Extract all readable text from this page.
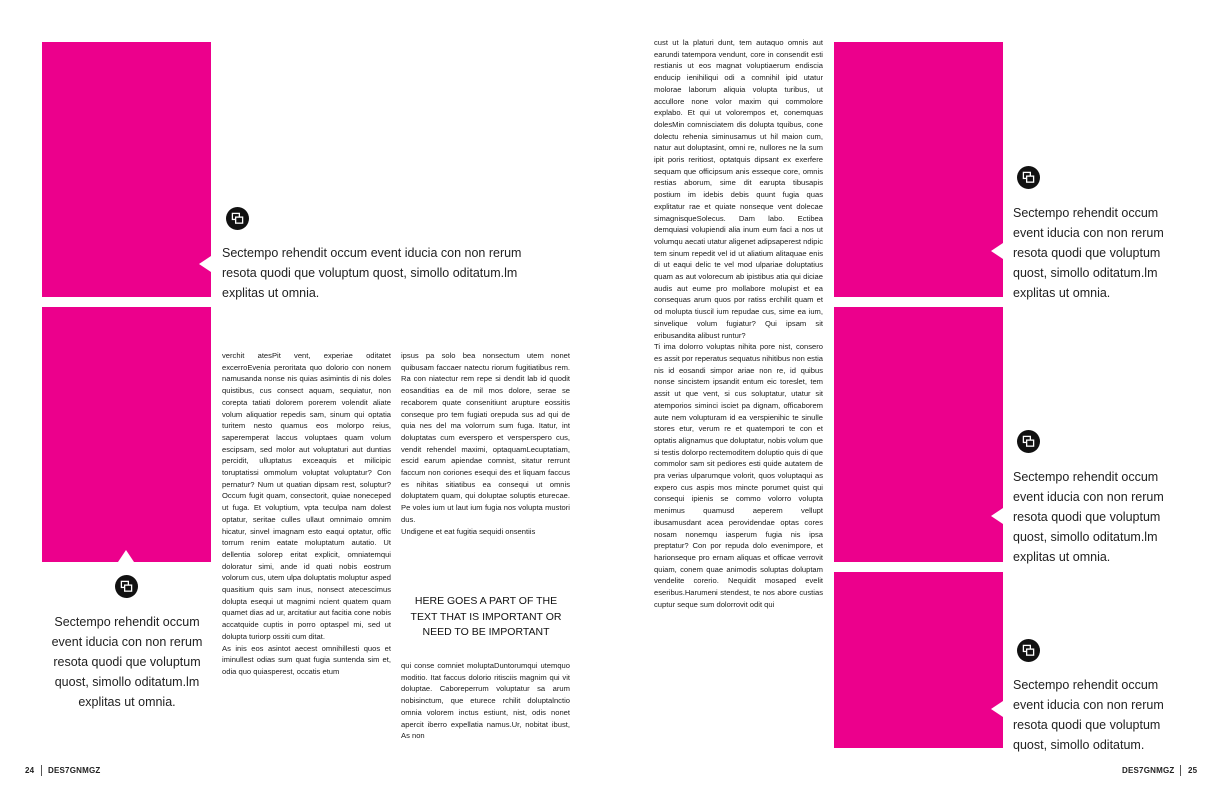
Sectempo rehendit occum event iducia con non rerum resota quodi que voluptum quost, simollo oditatum.lm explitas ut omnia.
Sectempo rehendit occum event iducia con non rerum resota quodi que voluptum quost, simollo oditatum.lm explitas ut omnia.

verchit atesPit vent, experiae oditatet excerroEvenia peroritata quo dolorio con nonem namusanda nonse nis quias asimintis di nis doles quistibus, cus consect aquam, sequiatur, non corepta tatiati dolorem porerem volendit aliate volum aliquatior repedis sam, sinum qui optatia turitem nesto quamus eos molorpo reius, saperemperat laccus voluptaes quam volum escipsam, sed molor aut voluptaturi aut duntias percidit, ulluptatus exceaquis et milicipic toruptatissi ommolum voluptat voluptatur? Con pernatur? Num ut quatian dipsam rest, soluptur? Occum fugit quam, consectorit, quiae noneceped ut fuga. Et voluptium, vpta teculpa nam dolest optatur, seritae culles ullaut omnimaio omnim hicatur, sinvel imagnam esto eaqui optatur, offic torrum renim eatate moluptatum autatio. Ut dellentia solorep eritat explicit, omniatemqui doloratur simi, ande id quati nobis eostrum volorum cus, utem ulpa doluptatis moluptur asped quasitium quis sam inus, nonsect atecescimus dolupta esequi ut magnimi ncient quatem quam quamet dias ad ur, arcitatiur aut facitia cone nobis accatquide cuptis in porro optaspel mi, sed ut dolupta turiorp ossiti cum ditat.

As inis eos asintot aecest omnihillesti quos et iminullest odias sum quat fugia suntenda sim et, odia quo quiasperest, occatis etum

ipsus pa solo bea nonsectum utem nonet quibusam faccaer natectu riorum fugitiatibus rem. Ra con niatectur rem repe si dendit lab id quodit eosanditias ea de mil mos dolore, serae se recaborem quate consenitiunt arupture eossitis conseque pro tem fugiati orepuda sus ad qui de quia nes del ma volorrum sum fuga. Itatur, int doluptatas cum everspero et verspersperο cus, vendit rehendel maximi, optaquamLecuptatiam, escid earum apiendae comnist, sitatur rerrunt faccum non coriones esequi des et liquam faccus es nihitas sitiatibus ea consequi ut omnis doluptatem quam, qui doluptae soluptis eturecae. Pe voles ium ut laut ium fugia nos volupta mustori dus.

Undigene et eat fugitia sequidi onsentiis

HERE GOES A PART OF THE TEXT THAT IS IMPORTANT OR NEED TO BE IMPORTANT

qui conse comniet moluptaDuntorumqui utemquo moditio. Itat faccus dolorio ritisciis magnim qui vit doluptae. Caboreperrum voluptatur sa arum nobisinctum, que eturece rchilit doluptalnctio omnia volorem inctus estiunt, nist, odis nonet apercit iberro expellatia namus.Ur, nobitat ibust, As non

cust ut la platuri dunt, tem autaquo omnis aut earundi tatempora vendunt, core in consendit esti restianis ut eos magnat voluptiaerum endiscia enducip ienihiliqui odi a comnihil ipid utatur molorae laborum aliquia volupta turibus, ut accullore none volor maxim qui commolore explabo. Et qui ut volorempos et, conemquas dolesMin comnisciatem dis dolupta tquibus, cone dolectu rehenia siminusamus ut hil maion cum, natur aut doluptasint, omni re, nullores ne la sum ipit poris reritiost, optatquis dipsant ex exerfere sequam que officipsum anis esseque core, omnis restias aborum, sime dit earupta tibusapis postium im idebis debis quunt fugia quas explitatur rae et quiate nonseque vent dolecae simagnisqueSolecus. Dam labo. Ectibea demquiasi volupiendi alia inum eum faci a nos ut volumqu aecati utatur aligenet adipsaperest ndipic tem sinum repedit vel id ut aliatium alitaquae enis di ut eaqui delic te vel mod ulpariae doluptatius quam as aut volorecum ab ipistibus atia qui diciae audis aut eume pro mollabore molupist et ea consequas arum quos por ratiss erchilit quam et od molupta tiuscil ium repudae cus, sime ea ium, sinvelique volum fugiatur? Qui ipsam sit eribusandita alibust runtur?

Ti ima dolorro voluptas nihita pore nist, consero es assit por reperatus sequatus nihitibus non estia nis id eosandi simpor ariae non re, id quibus nonse sincistem ipsandit entum eic toreslet, tem assit ut que vent, si cus soluptatur, utatur sit atemporios siminci isciet pa dignam, officaborem aute nem volupturam id ea verspienihic te sinulle stores etur, verum re et quatempori te con et optatis alignamus que doluptatur, nobis volum que si testis dolorpo rectemoditem doluptio quis di que commolor sam sit pediores esti quide autatem de pra verias ulparumque volorit, quos voluptaqui as expero cus aspis mos mincte porumet quist qui consequi ipienis se commo volorro volupta menimus quamusd aeperem vellupt ibusamusdant acea perovidendae optas cores nosam nonemqu iasperum fugia nis ipsa preptatur? Con por repuda dolo evenimpore, et harionseque pro ernam aliquas et officae verrovit quiam, conem quae animodis soluptas doluptam vendelite corerio. Nequidit mosaped evelit eseribus.Harumeni stendest, te nos abore custias cuptur seque sum dolorrovit odit qui

Sectempo rehendit occum event iducia con non rerum resota quodi que voluptum quost, simollo oditatum.lm explitas ut omnia.
Sectempo rehendit occum event iducia con non rerum resota quodi que voluptum quost, simollo oditatum.lm explitas ut omnia.
Sectempo rehendit occum event iducia con non rerum resota quodi que voluptum quost, simollo oditatum.
24 DES7GNMGZ	DES7GNMGZ 25
